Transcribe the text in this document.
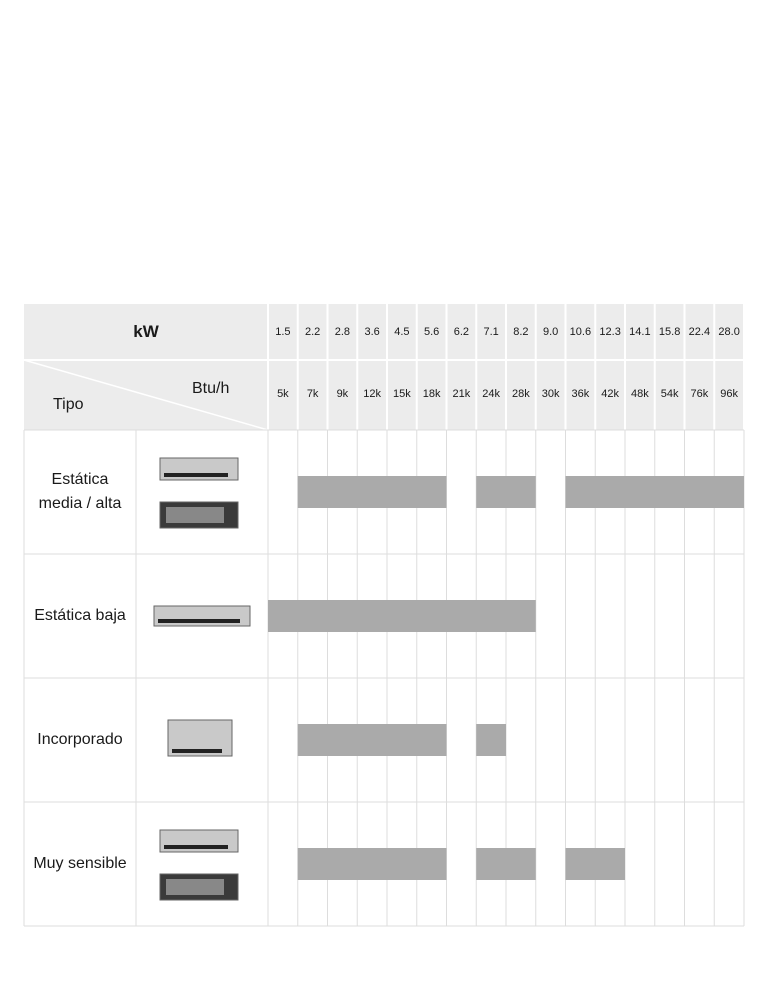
kW
Btu/h
Tipo
1.5	2.2	2.8	3.6	4.5	5.6	6.2	7.1	8.2	9.0	10.6 12.3 14.1 15.8 22.4 28.0
5k	7k	9k	12k	15k	18k	21k	24k	28k	30k	36k	42k	48k	54k	76k	96k
Estática
media / alta
Estática baja
Incorporado
Muy sensible
